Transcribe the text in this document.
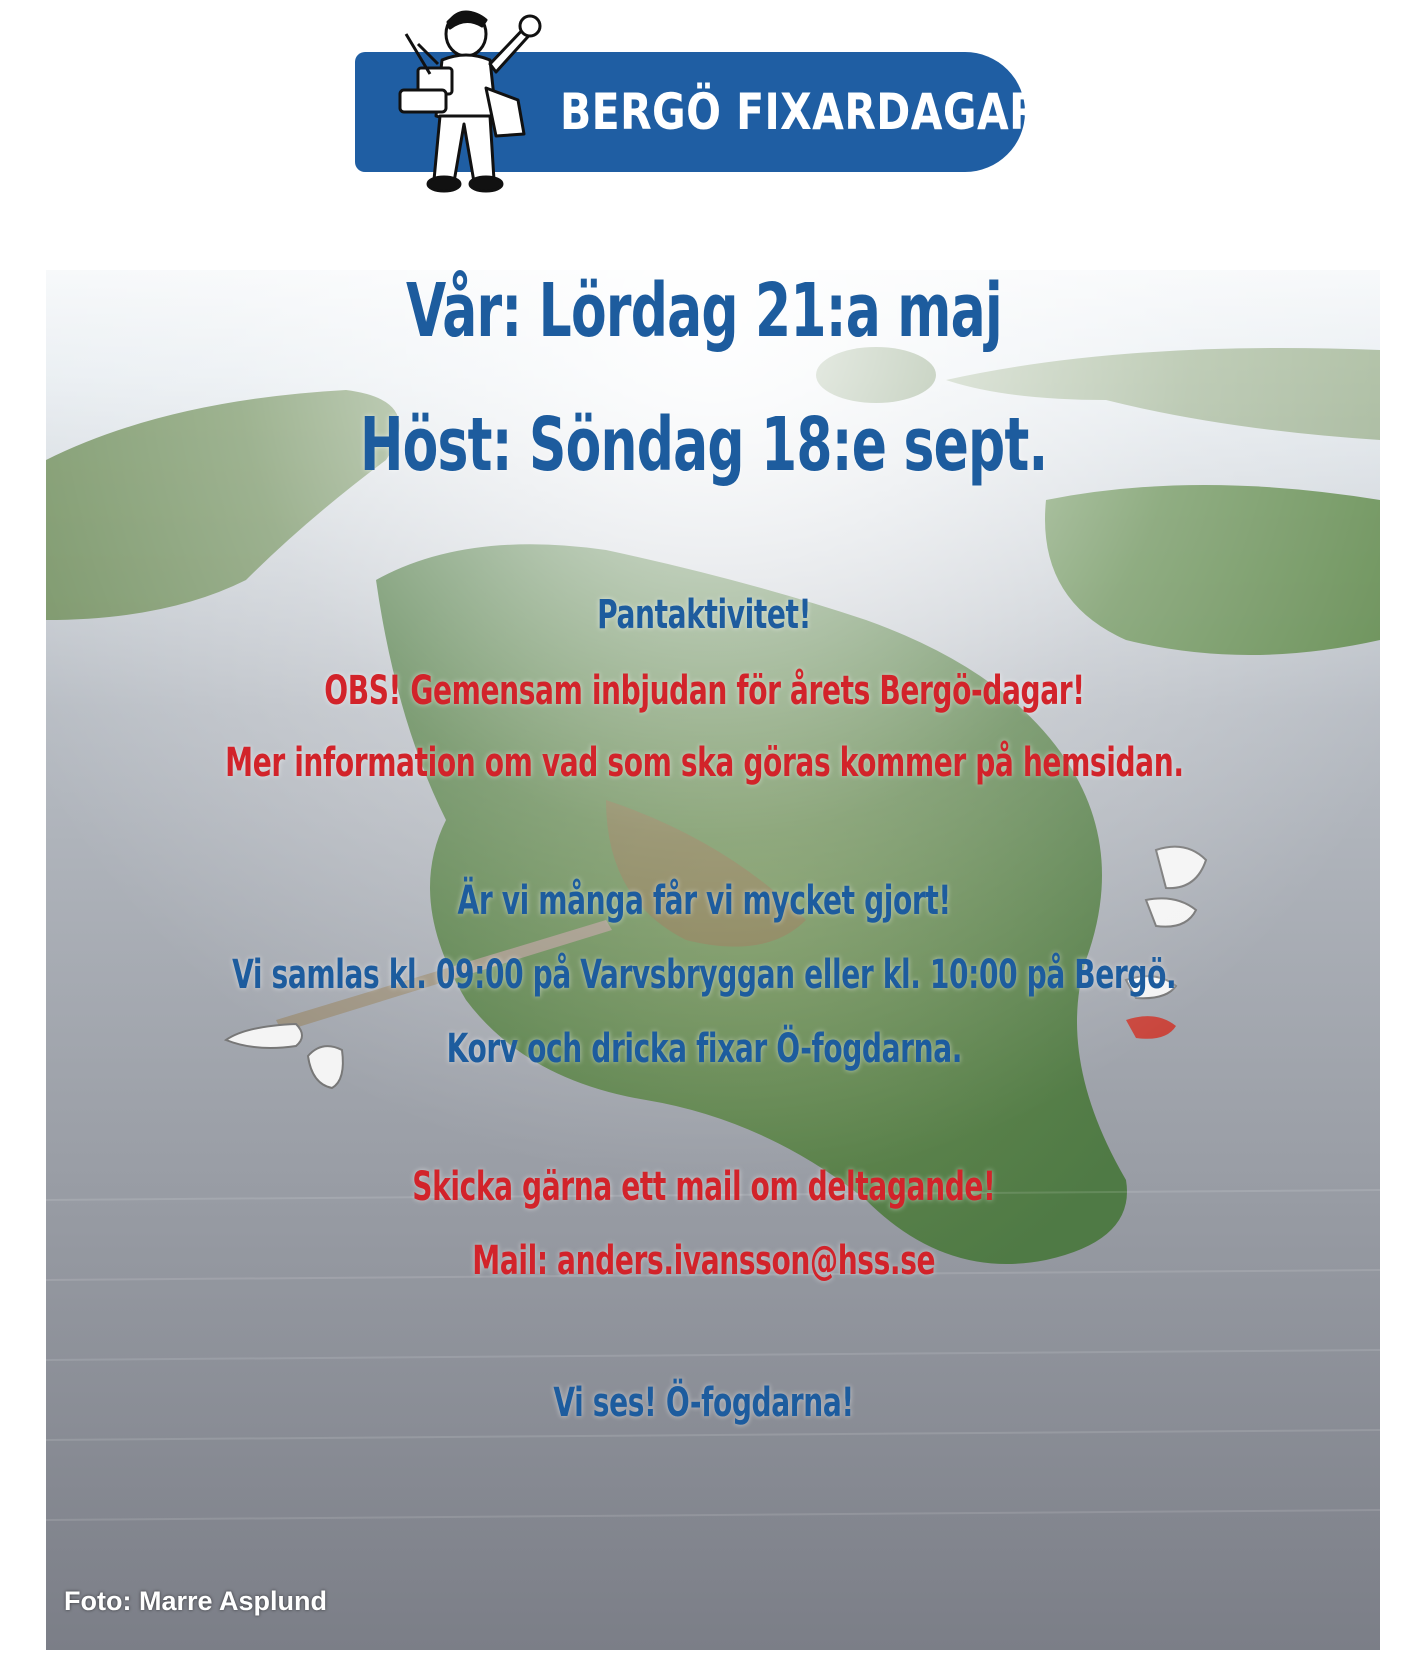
BERGÖ FIXARDAGAR
Vår: Lördag 21:a maj
Höst: Söndag 18:e sept.
Pantaktivitet!
OBS! Gemensam inbjudan för årets Bergö-dagar!
Mer information om vad som ska göras kommer på hemsidan.
Är vi många får vi mycket gjort!
Vi samlas kl. 09:00 på Varvsbryggan eller kl. 10:00 på Bergö.
Korv och dricka fixar Ö-fogdarna.
Skicka gärna ett mail om deltagande!
Mail: anders.ivansson@hss.se
Vi ses! Ö-fogdarna!
Foto: Marre Asplund
